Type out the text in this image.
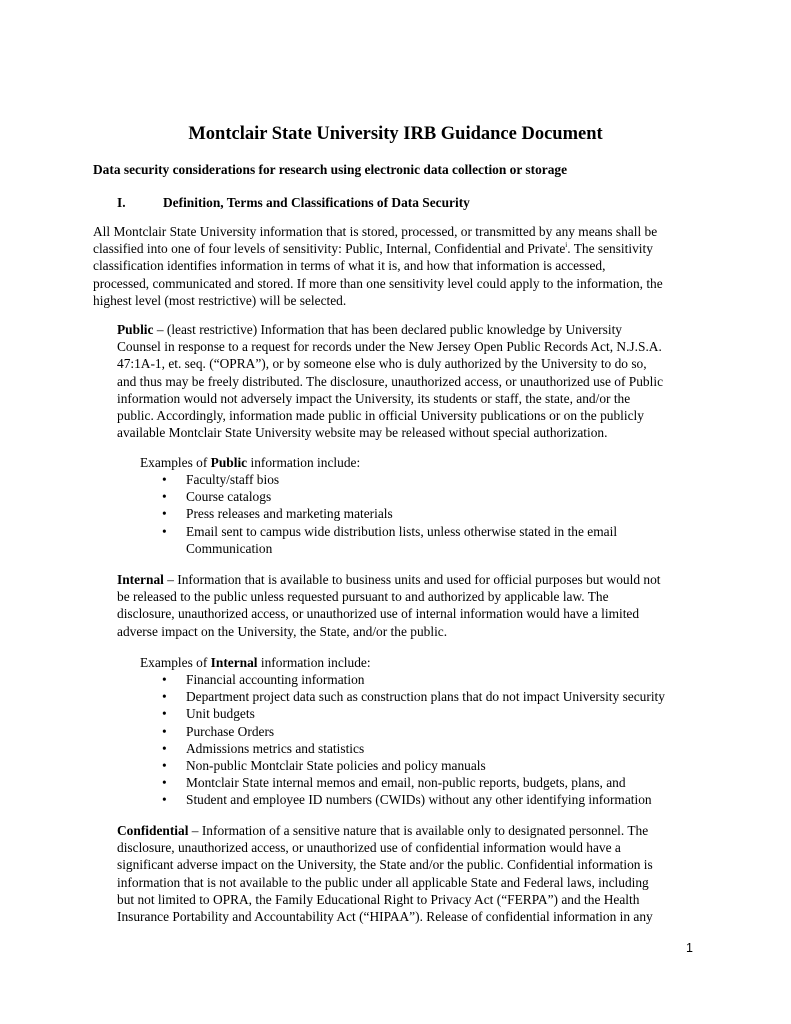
Montclair State University IRB Guidance Document
Data security considerations for research using electronic data collection or storage
I.	Definition, Terms and Classifications of Data Security

All Montclair State University information that is stored, processed, or transmitted by any means shall be

classified into one of four levels of sensitivity: Public, Internal, Confidential and Private$^i$. The sensitivity

classification identifies information in terms of what it is, and how that information is accessed,

processed, communicated and stored. If more than one sensitivity level could apply to the information, the

highest level (most restrictive) will be selected.

Public – (least restrictive) Information that has been declared public knowledge by University

Counsel in response to a request for records under the New Jersey Open Public Records Act, N.J.S.A.

47:1A-1, et. seq. (“OPRA”), or by someone else who is duly authorized by the University to do so,

and thus may be freely distributed. The disclosure, unauthorized access, or unauthorized use of Public

information would not adversely impact the University, its students or staff, the state, and/or the

public. Accordingly, information made public in official University publications or on the publicly

available Montclair State University website may be released without special authorization.

Examples of Public information include:
• Faculty/staff bios
• Course catalogs
• Press releases and marketing materials
• Email sent to campus wide distribution lists, unless otherwise stated in the email

Communication

Internal – Information that is available to business units and used for official purposes but would not

be released to the public unless requested pursuant to and authorized by applicable law. The

disclosure, unauthorized access, or unauthorized use of internal information would have a limited

adverse impact on the University, the State, and/or the public.

Examples of Internal information include:
• Financial accounting information
• Department project data such as construction plans that do not impact University security
• Unit budgets
• Purchase Orders
• Admissions metrics and statistics
• Non-public Montclair State policies and policy manuals
• Montclair State internal memos and email, non-public reports, budgets, plans, and
• Student and employee ID numbers (CWIDs) without any other identifying information

Confidential – Information of a sensitive nature that is available only to designated personnel. The

disclosure, unauthorized access, or unauthorized use of confidential information would have a

significant adverse impact on the University, the State and/or the public. Confidential information is

information that is not available to the public under all applicable State and Federal laws, including

but not limited to OPRA, the Family Educational Right to Privacy Act (“FERPA”) and the Health

Insurance Portability and Accountability Act (“HIPAA”). Release of confidential information in any

1
